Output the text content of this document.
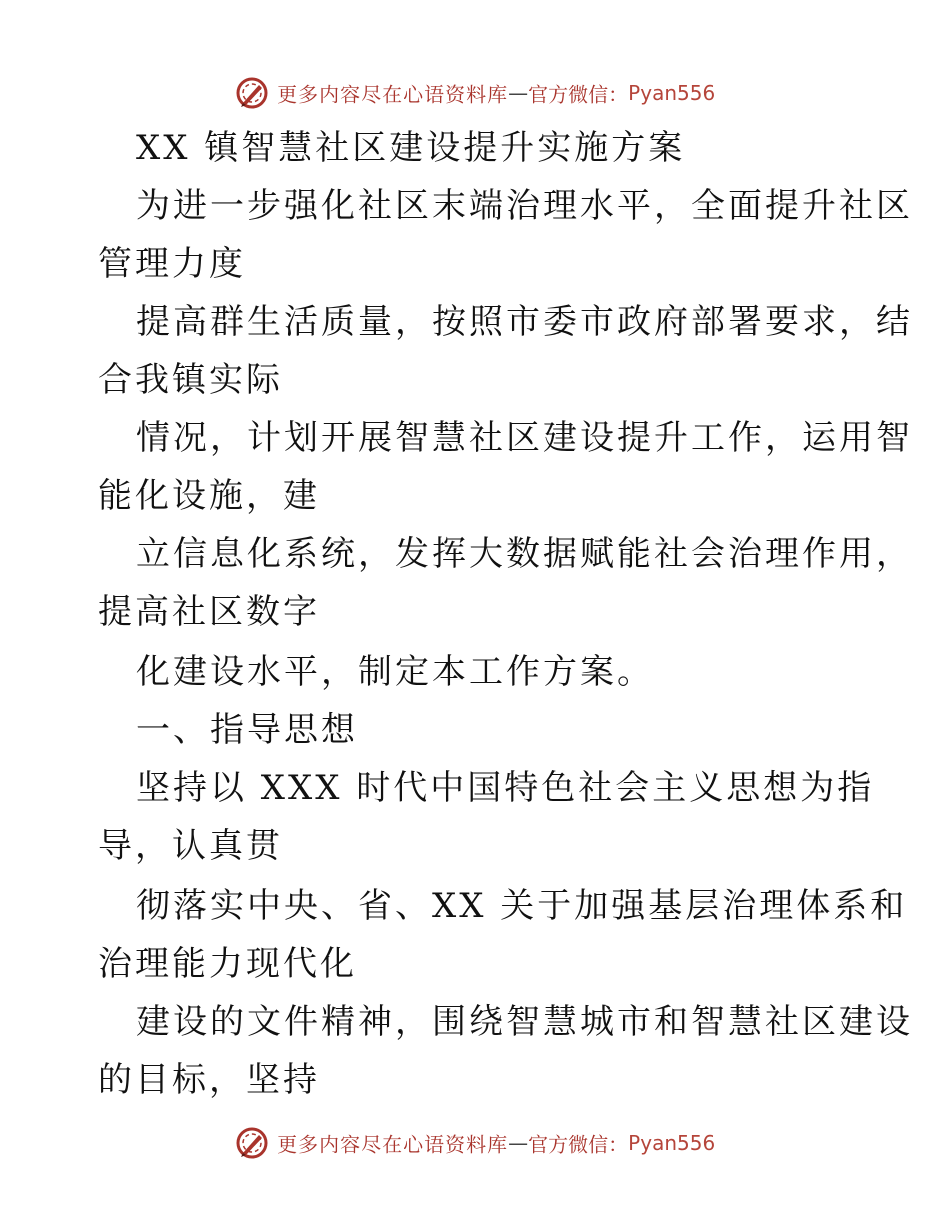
更多内容尽在心语资料库—官方微信：Pyan556
XX 镇智慧社区建设提升实施方案
为进一步强化社区末端治理水平，全面提升社区
管理力度
提高群生活质量，按照市委市政府部署要求，结
合我镇实际
情况，计划开展智慧社区建设提升工作，运用智
能化设施，建
立信息化系统，发挥大数据赋能社会治理作用，
提高社区数字
化建设水平，制定本工作方案。
一、指导思想
坚持以 XXX 时代中国特色社会主义思想为指
导，认真贯
彻落实中央、省、XX 关于加强基层治理体系和
治理能力现代化
建设的文件精神，围绕智慧城市和智慧社区建设
的目标，坚持
更多内容尽在心语资料库—官方微信：Pyan556
